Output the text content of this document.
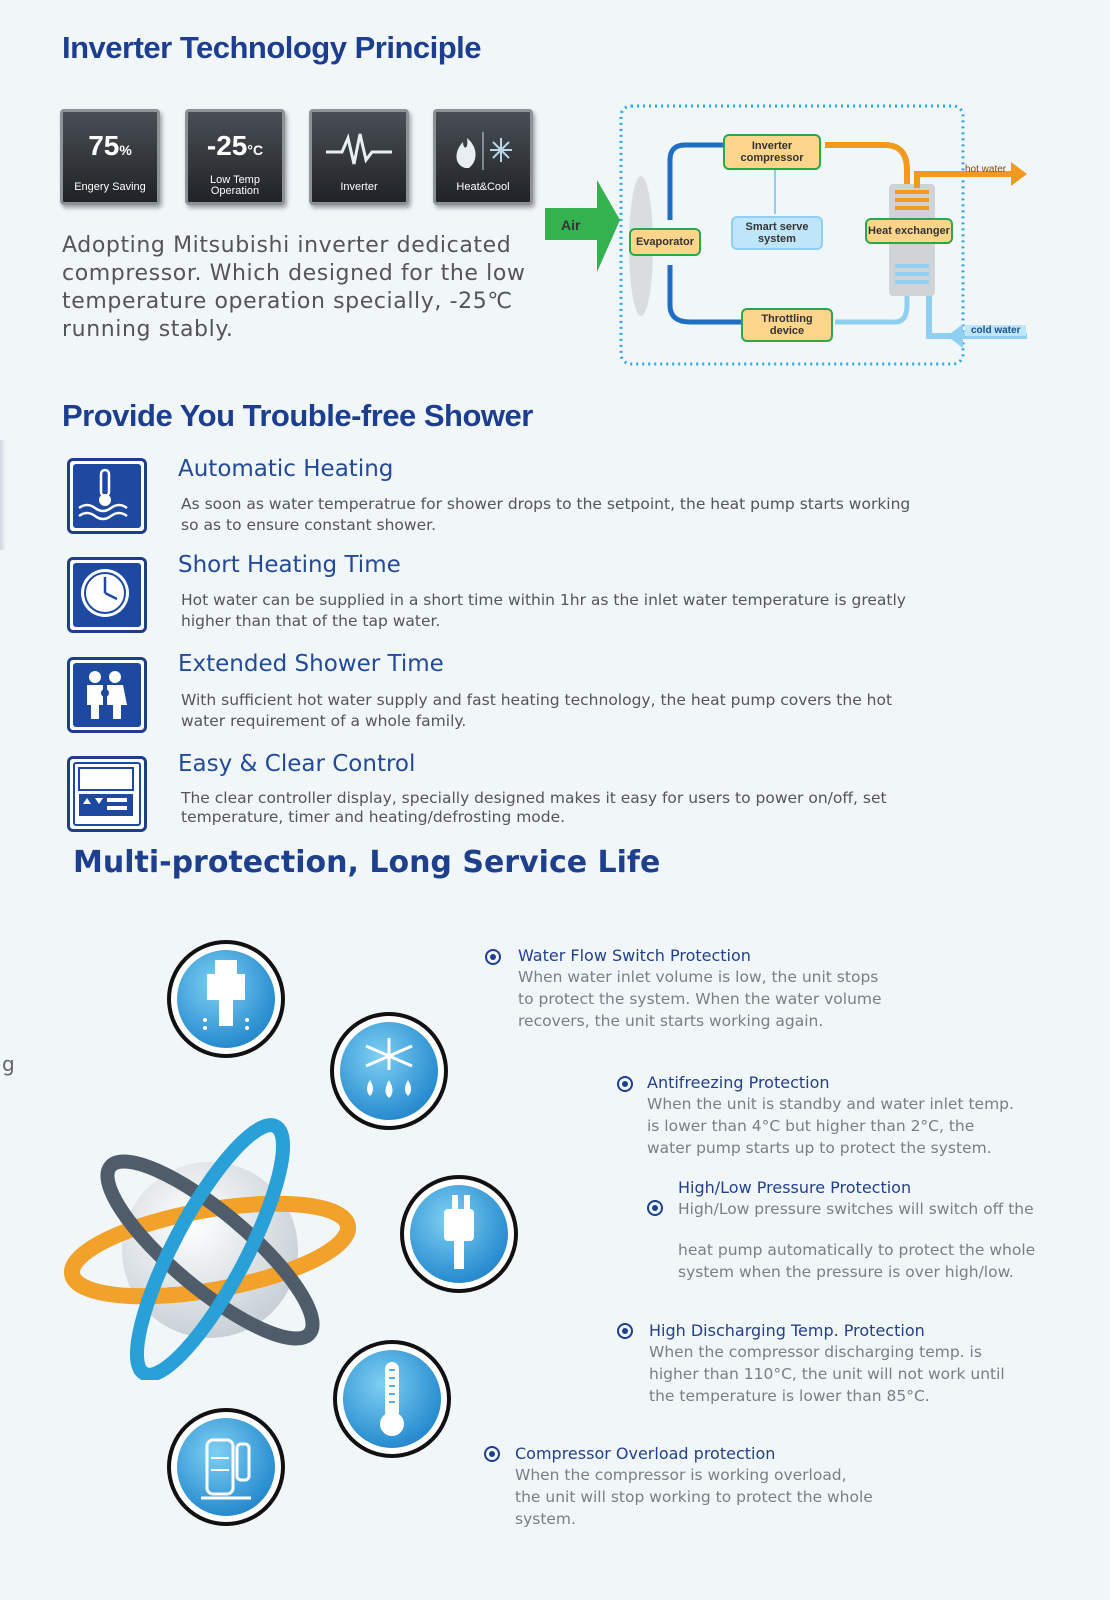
g
Inverter Technology Principle
75%
Engery Saving
-25°C
Low Temp Operation	Inverter	Heat&Cool
Adopting Mitsubishi inverter dedicated compressor. Which designed for the low temperature operation specially, -25℃ running stably.
Air
Inverter compressor
Evaporator
Smart serve system
Heat exchanger
Throttling device
hot water
cold water
Provide You Trouble-free Shower
Automatic Heating
As soon as water temperatrue for shower drops to the setpoint, the heat pump starts working so as to ensure constant shower.
Short Heating Time
Hot water can be supplied in a short time within 1hr as the inlet water temperature is greatly higher than that of the tap water.
Extended Shower Time
With sufficient hot water supply and fast heating technology, the heat pump covers the hot water requirement of a whole family.
Easy & Clear Control
The clear controller display, specially designed makes it easy for users to power on/off, set temperature, timer and heating/defrosting mode.
Multi-protection, Long Service Life
Water Flow Switch Protection
When water inlet volume is low, the unit stops to protect the system. When the water volume recovers, the unit starts working again.
Antifreezing Protection
When the unit is standby and water inlet temp. is lower than 4°C but higher than 2°C, the water pump starts up to protect the system.
High/Low Pressure Protection
High/Low pressure switches will switch off the
heat pump automatically to protect the whole system when the pressure is over high/low.
High Discharging Temp. Protection
When the compressor discharging temp. is higher than 110°C, the unit will not work until the temperature is lower than 85°C.
Compressor Overload protection
When the compressor is working overload, the unit will stop working to protect the whole system.
